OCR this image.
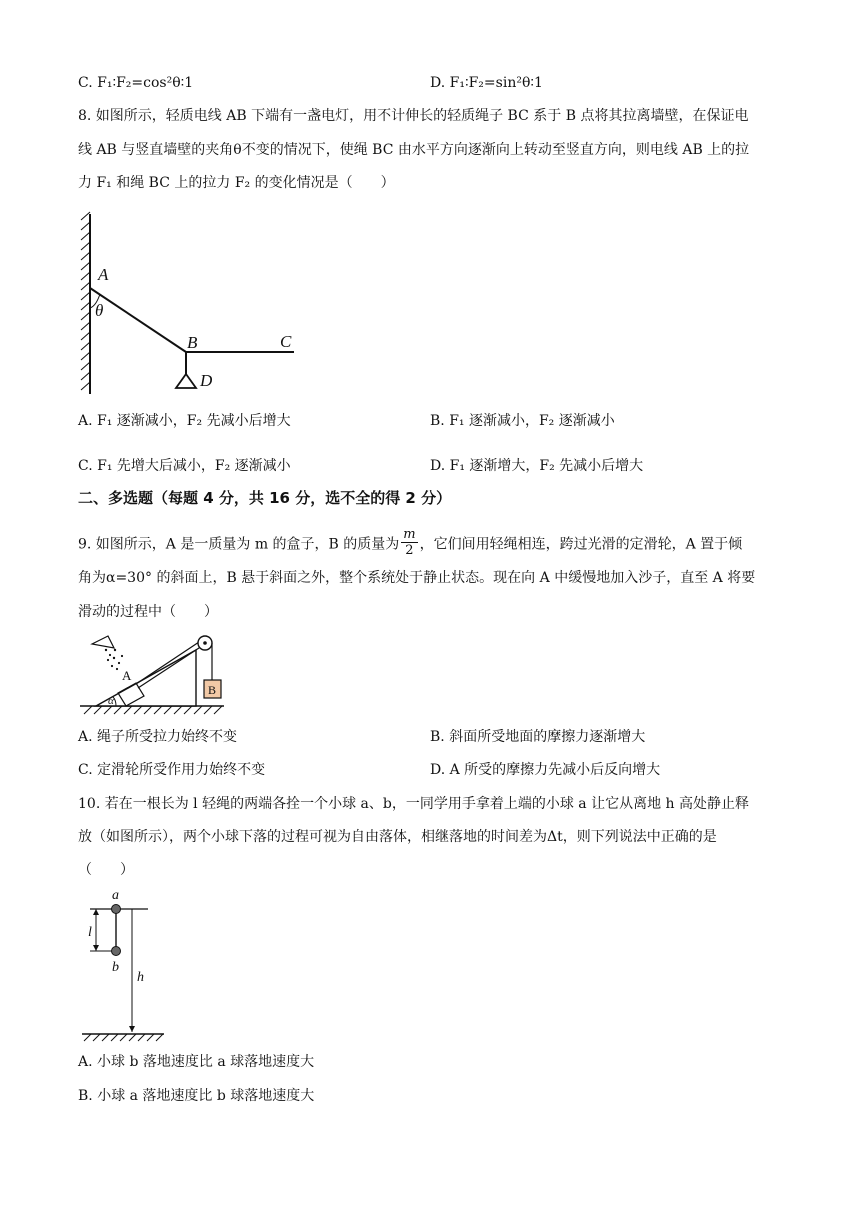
C. F₁∶F₂=cos²θ∶1	D. F₁∶F₂=sin²θ∶1
8. 如图所示，轻质电线 AB 下端有一盏电灯，用不计伸长的轻质绳子 BC 系于 B 点将其拉离墙壁，在保证电
线 AB 与竖直墙壁的夹角θ不变的情况下，使绳 BC 由水平方向逐渐向上转动至竖直方向，则电线 AB 上的拉
力 F₁ 和绳 BC 上的拉力 F₂ 的变化情况是（　　）
A
θ
B	C
D
A. F₁ 逐渐减小，F₂ 先减小后增大	B. F₁ 逐渐减小，F₂ 逐渐减小
C. F₁ 先增大后减小，F₂ 逐渐减小	D. F₁ 逐渐增大，F₂ 先减小后增大
二、多选题（每题 4 分，共 16 分，选不全的得 2 分）
9. 如图所示，A 是一质量为 m 的盒子，B 的质量为 $\frac{m}{2}$ ，它们间用轻绳相连，跨过光滑的定滑轮，A 置于倾
角为α=30° 的斜面上，B 悬于斜面之外，整个系统处于静止状态。现在向 A 中缓慢地加入沙子，直至 A 将要
滑动的过程中（　　）
A
B
α
A. 绳子所受拉力始终不变	B. 斜面所受地面的摩擦力逐渐增大
C. 定滑轮所受作用力始终不变	D. A 所受的摩擦力先减小后反向增大
10. 若在一根长为 l 轻绳的两端各拴一个小球 a、b，一同学用手拿着上端的小球 a 让它从离地 h 高处静止释
放（如图所示），两个小球下落的过程可视为自由落体，相继落地的时间差为Δt，则下列说法中正确的是
（　　）
a
l
b
h
A. 小球 b 落地速度比 a 球落地速度大
B. 小球 a 落地速度比 b 球落地速度大
